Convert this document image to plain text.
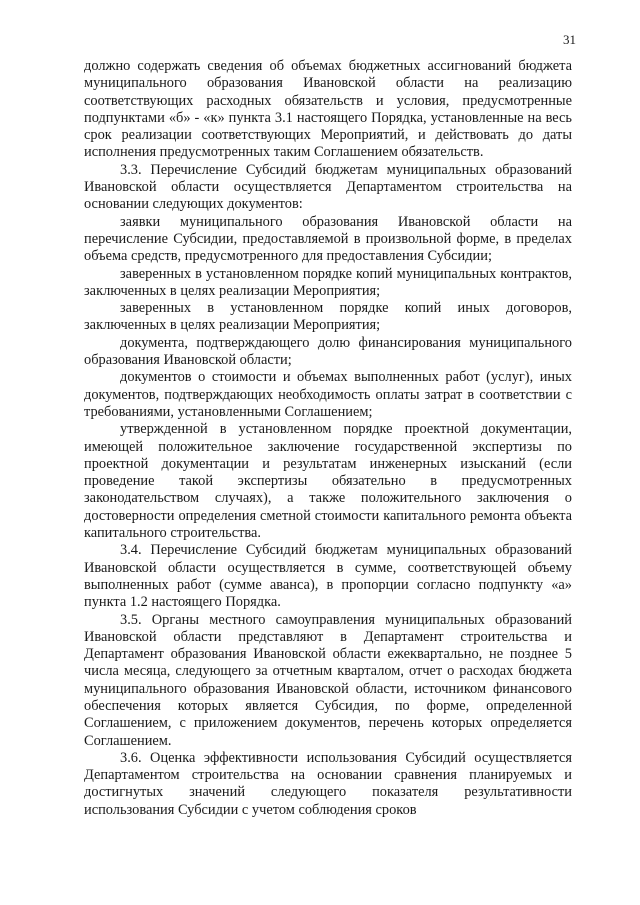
31

должно содержать сведения об объемах бюджетных ассигнований бюджета муниципального образования Ивановской области на реализацию соответствующих расходных обязательств и условия, предусмотренные подпунктами «б» - «к» пункта 3.1 настоящего Порядка, установленные на весь срок реализации соответствующих Мероприятий, и действовать до даты исполнения предусмотренных таким Соглашением обязательств.

3.3. Перечисление Субсидий бюджетам муниципальных образований Ивановской области осуществляется Департаментом строительства на основании следующих документов:

заявки муниципального образования Ивановской области на перечисление Субсидии, предоставляемой в произвольной форме, в пределах объема средств, предусмотренного для предоставления Субсидии;

заверенных в установленном порядке копий муниципальных контрактов, заключенных в целях реализации Мероприятия;

заверенных в установленном порядке копий иных договоров, заключенных в целях реализации Мероприятия;

документа, подтверждающего долю финансирования муниципального образования Ивановской области;

документов о стоимости и объемах выполненных работ (услуг), иных документов, подтверждающих необходимость оплаты затрат в соответствии с требованиями, установленными Соглашением;

утвержденной в установленном порядке проектной документации, имеющей положительное заключение государственной экспертизы по проектной документации и результатам инженерных изысканий (если проведение такой экспертизы обязательно в предусмотренных законодательством случаях), а также положительного заключения о достоверности определения сметной стоимости капитального ремонта объекта капитального строительства.

3.4. Перечисление Субсидий бюджетам муниципальных образований Ивановской области осуществляется в сумме, соответствующей объему выполненных работ (сумме аванса), в пропорции согласно подпункту «а» пункта 1.2 настоящего Порядка.

3.5. Органы местного самоуправления муниципальных образований Ивановской области представляют в Департамент строительства и Департамент образования Ивановской области ежеквартально, не позднее 5 числа месяца, следующего за отчетным кварталом, отчет о расходах бюджета муниципального образования Ивановской области, источником финансового обеспечения которых является Субсидия, по форме, определенной Соглашением, с приложением документов, перечень которых определяется Соглашением.

3.6. Оценка эффективности использования Субсидий осуществляется Департаментом строительства на основании сравнения планируемых и достигнутых значений следующего показателя результативности использования Субсидии с учетом соблюдения сроков
